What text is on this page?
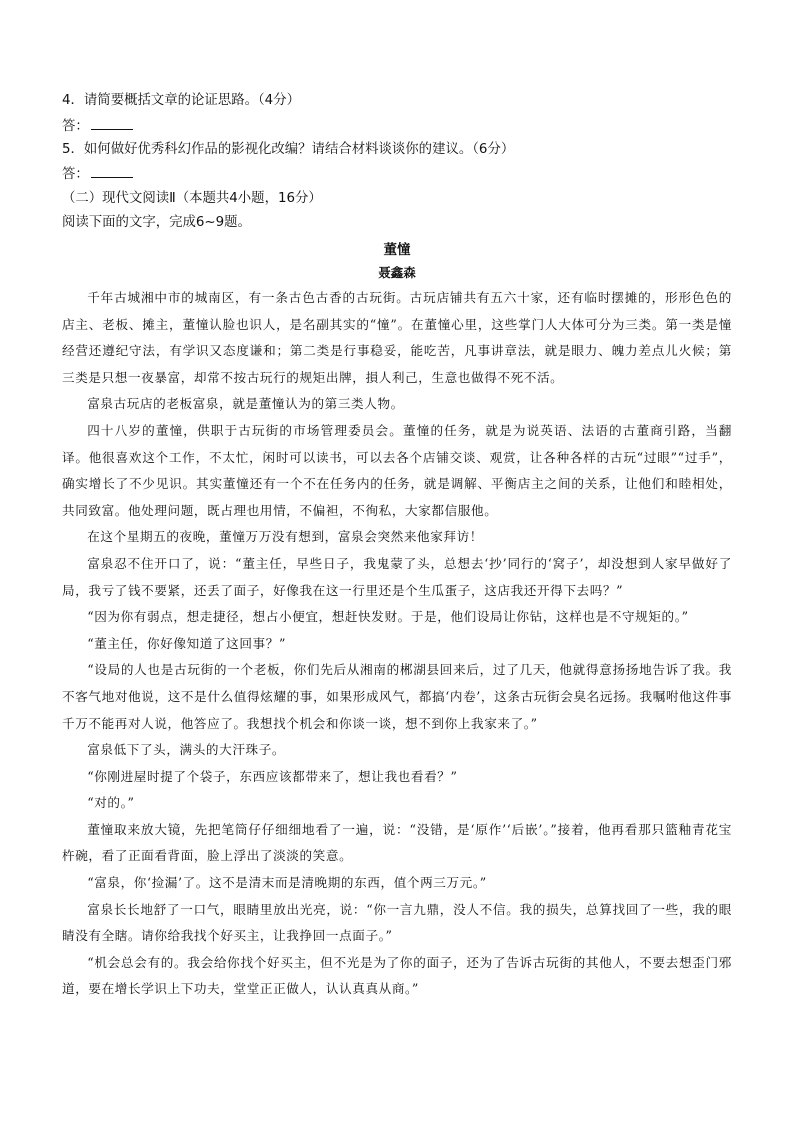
4．请简要概括文章的论证思路。（4分）
答：
5．如何做好优秀科幻作品的影视化改编？请结合材料谈谈你的建议。（6分）
答：
（二）现代文阅读Ⅱ（本题共4小题，16分）
阅读下面的文字，完成6~9题。
董憧
聂鑫森

千年古城湘中市的城南区，有一条古色古香的古玩街。古玩店铺共有五六十家，还有临时摆摊的，形形色色的店主、老板、摊主，董憧认脸也识人，是名副其实的“憧”。在董憧心里，这些掌门人大体可分为三类。第一类是憧经营还遵纪守法，有学识又态度谦和；第二类是行事稳妥，能吃苦，凡事讲章法，就是眼力、魄力差点儿火候；第三类是只想一夜暴富，却常不按古玩行的规矩出牌，損人利己，生意也做得不死不活。

富泉古玩店的老板富泉，就是董憧认为的第三类人物。

四十八岁的董憧，供职于古玩街的市场管理委员会。董憧的任务，就是为说英语、法语的古董商引路，当翻译。他很喜欢这个工作，不太忙，闲时可以读书，可以去各个店铺交谈、观赏，让各种各样的古玩“过眼”“过手”，确实增长了不少见识。其实董憧还有一个不在任务内的任务，就是调解、平衡店主之间的关系，让他们和睦相处，共同致富。他处理问题，既占理也用情，不偏袒，不徇私，大家都信服他。

在这个星期五的夜晚，董憧万万没有想到，富泉会突然来他家拜访！

富泉忍不住开口了，说：“董主任，早些日子，我鬼蒙了头，总想去‘抄’同行的‘窝子’，却没想到人家早做好了局，我亏了钱不要紧，还丢了面子，好像我在这一行里还是个生瓜蛋子，这店我还开得下去吗？”

“因为你有弱点，想走捷径，想占小便宜，想赶快发财。于是，他们设局让你钻，这样也是不守规矩的。”

“董主任，你好像知道了这回事？”

“设局的人也是古玩街的一个老板，你们先后从湘南的郴湖县回来后，过了几天，他就得意扬扬地告诉了我。我不客气地对他说，这不是什么值得炫耀的事，如果形成风气，都搞‘内卷’，这条古玩街会臭名远扬。我嘱咐他这件事千万不能再对人说，他答应了。我想找个机会和你谈一谈，想不到你上我家来了。”

富泉低下了头，满头的大汗珠子。

“你刚进屋时提了个袋子，东西应该都带来了，想让我也看看？”

“对的。”

董憧取来放大镜，先把笔筒仔仔细细地看了一遍，说：“没错，是‘原作’‘后嵌’。”接着，他再看那只篮釉青花宝杵碗，看了正面看背面，脸上浮出了淡淡的笑意。

“富泉，你‘捡漏’了。这不是清末而是清晚期的东西，值个两三万元。”

富泉长长地舒了一口气，眼睛里放出光亮，说：“你一言九鼎，没人不信。我的损失，总算找回了一些，我的眼睛没有全瞎。请你给我找个好买主，让我挣回一点面子。”

“机会总会有的。我会给你找个好买主，但不光是为了你的面子，还为了告诉古玩街的其他人，不要去想歪门邪道，要在增长学识上下功夫，堂堂正正做人，认认真真从商。”
